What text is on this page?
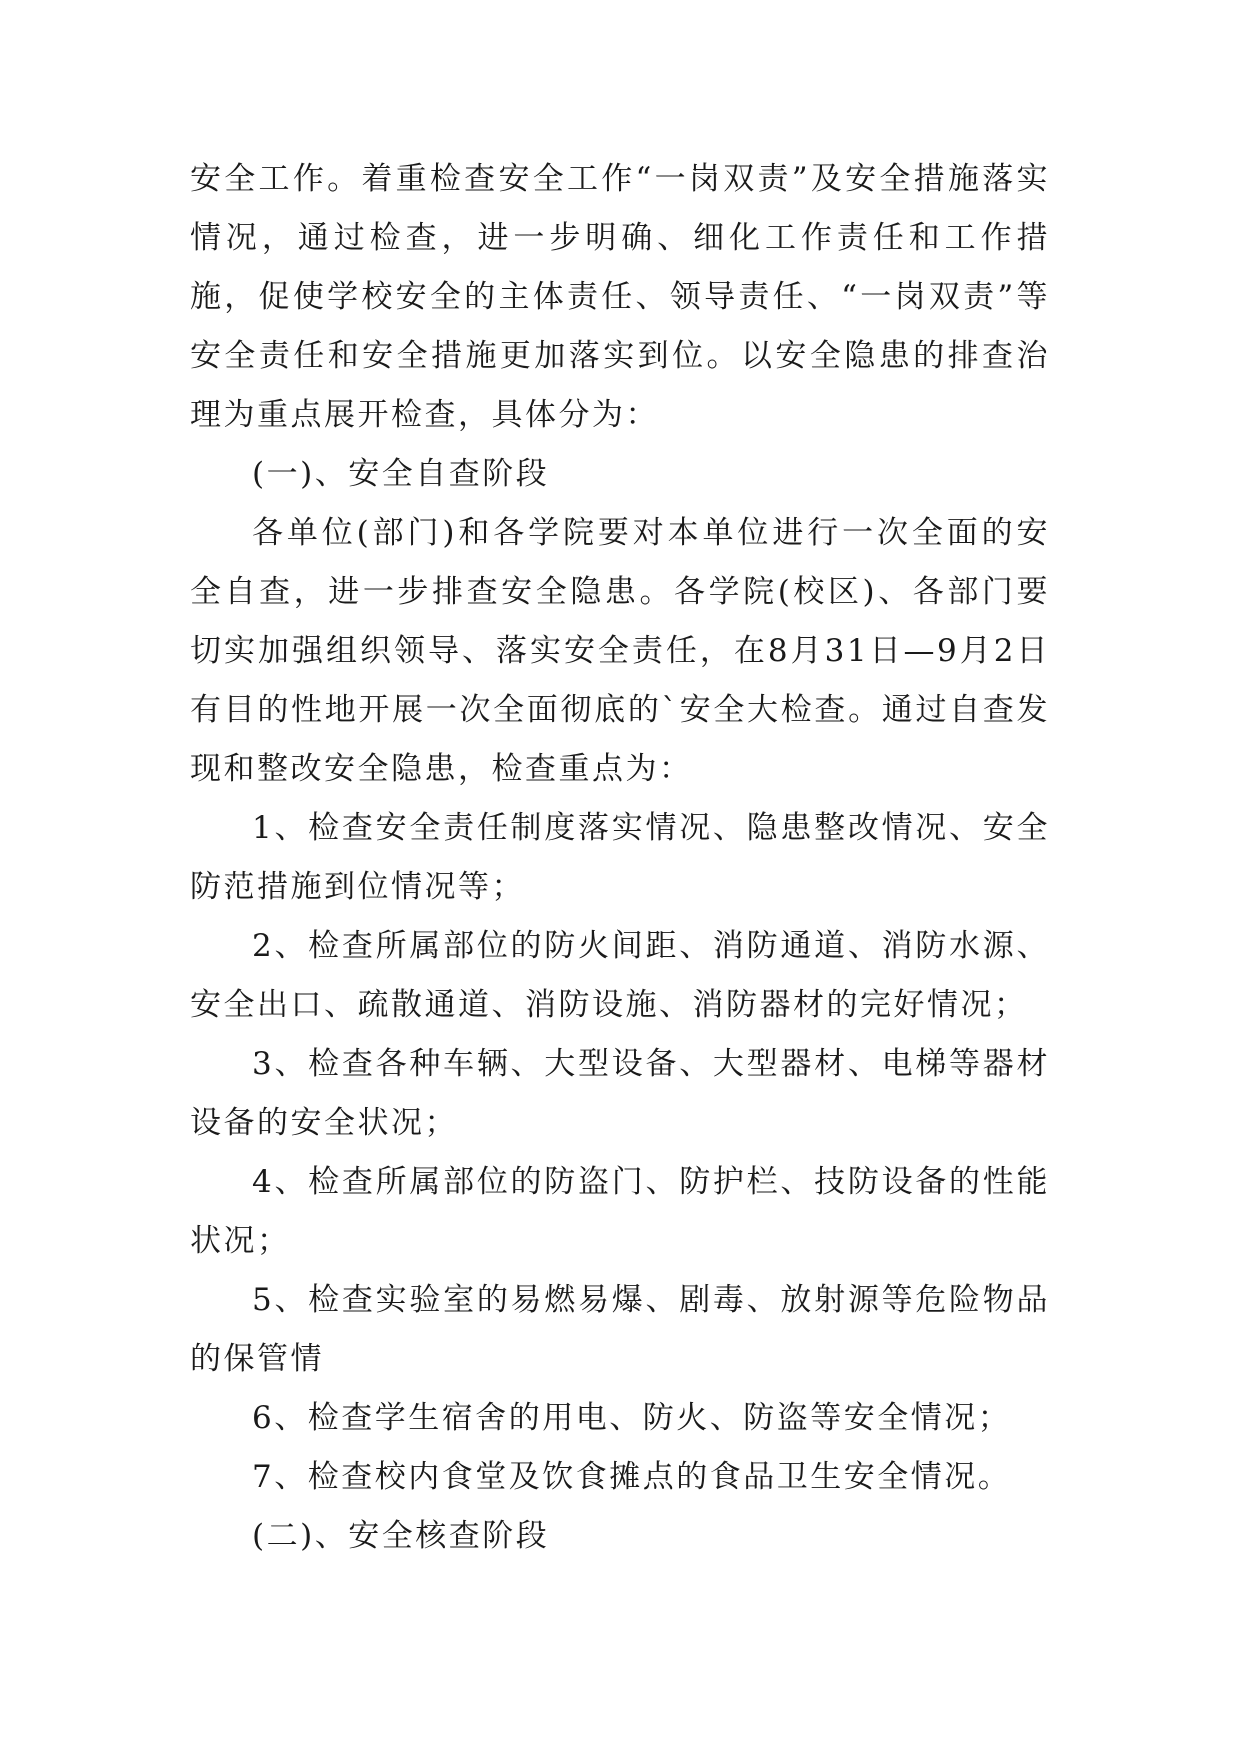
安全工作。着重检查安全工作“一岗双责”及安全措施落实情况，通过检查，进一步明确、细化工作责任和工作措施，促使学校安全的主体责任、领导责任、“一岗双责”等安全责任和安全措施更加落实到位。以安全隐患的排查治理为重点展开检查，具体分为：

(一)、安全自查阶段

各单位(部门)和各学院要对本单位进行一次全面的安全自查，进一步排查安全隐患。各学院(校区)、各部门要切实加强组织领导、落实安全责任，在8月31日—9月2日有目的性地开展一次全面彻底的`安全大检查。通过自查发现和整改安全隐患，检查重点为：

1、检查安全责任制度落实情况、隐患整改情况、安全防范措施到位情况等；

2、检查所属部位的防火间距、消防通道、消防水源、安全出口、疏散通道、消防设施、消防器材的完好情况；

3、检查各种车辆、大型设备、大型器材、电梯等器材设备的安全状况；

4、检查所属部位的防盗门、防护栏、技防设备的性能状况；

5、检查实验室的易燃易爆、剧毒、放射源等危险物品的保管情

6、检查学生宿舍的用电、防火、防盗等安全情况；

7、检查校内食堂及饮食摊点的食品卫生安全情况。

(二)、安全核查阶段
